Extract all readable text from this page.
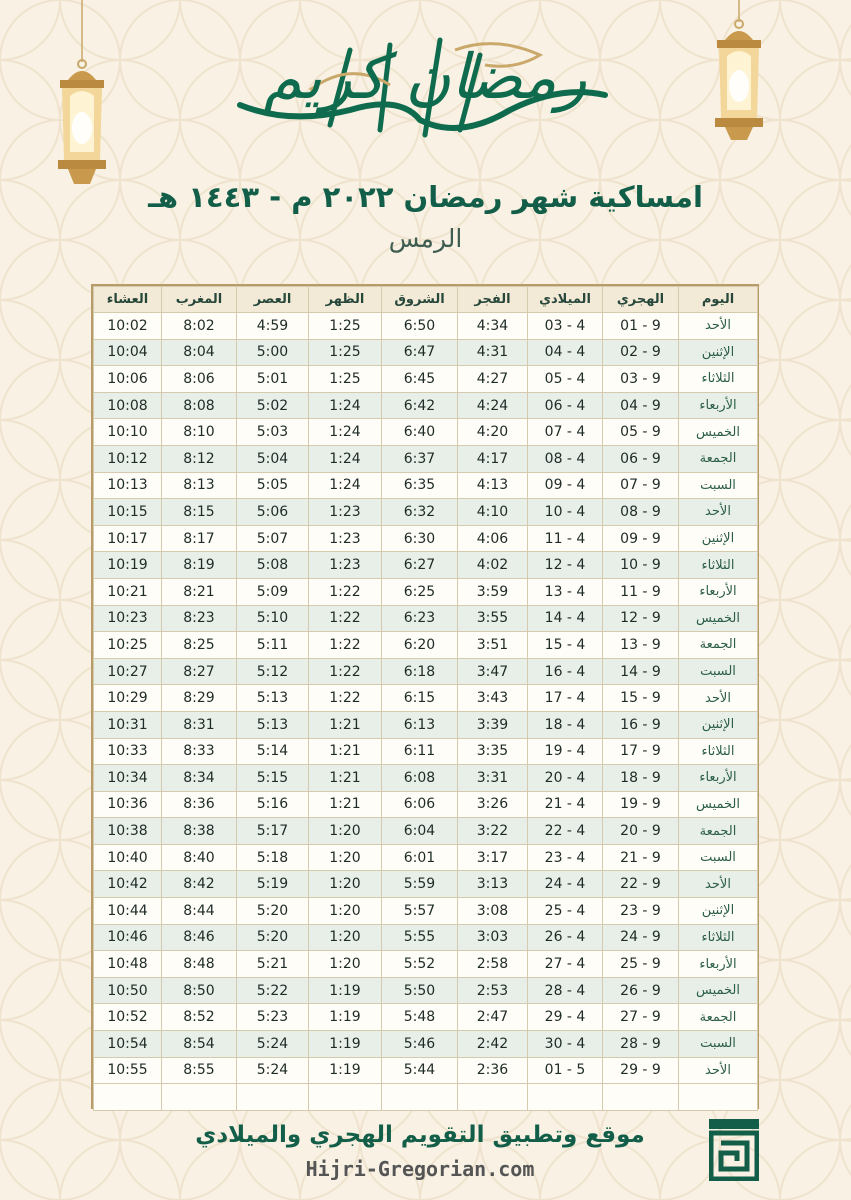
رمضان كريم
امساكية شهر رمضان ٢٠٢٢ م - ١٤٤٣ هـ
الرمس
اليوم	الهجري	الميلادي	الفجر	الشروق	الظهر	العصر	المغرب	العشاء
الأحد	01 - 9	03 - 4	4:34	6:50	1:25	4:59	8:02	10:02
الإثنين	02 - 9	04 - 4	4:31	6:47	1:25	5:00	8:04	10:04
الثلاثاء	03 - 9	05 - 4	4:27	6:45	1:25	5:01	8:06	10:06
الأربعاء	04 - 9	06 - 4	4:24	6:42	1:24	5:02	8:08	10:08
الخميس	05 - 9	07 - 4	4:20	6:40	1:24	5:03	8:10	10:10
الجمعة	06 - 9	08 - 4	4:17	6:37	1:24	5:04	8:12	10:12
السبت	07 - 9	09 - 4	4:13	6:35	1:24	5:05	8:13	10:13
الأحد	08 - 9	10 - 4	4:10	6:32	1:23	5:06	8:15	10:15
الإثنين	09 - 9	11 - 4	4:06	6:30	1:23	5:07	8:17	10:17
الثلاثاء	10 - 9	12 - 4	4:02	6:27	1:23	5:08	8:19	10:19
الأربعاء	11 - 9	13 - 4	3:59	6:25	1:22	5:09	8:21	10:21
الخميس	12 - 9	14 - 4	3:55	6:23	1:22	5:10	8:23	10:23
الجمعة	13 - 9	15 - 4	3:51	6:20	1:22	5:11	8:25	10:25
السبت	14 - 9	16 - 4	3:47	6:18	1:22	5:12	8:27	10:27
الأحد	15 - 9	17 - 4	3:43	6:15	1:22	5:13	8:29	10:29
الإثنين	16 - 9	18 - 4	3:39	6:13	1:21	5:13	8:31	10:31
الثلاثاء	17 - 9	19 - 4	3:35	6:11	1:21	5:14	8:33	10:33
الأربعاء	18 - 9	20 - 4	3:31	6:08	1:21	5:15	8:34	10:34
الخميس	19 - 9	21 - 4	3:26	6:06	1:21	5:16	8:36	10:36
الجمعة	20 - 9	22 - 4	3:22	6:04	1:20	5:17	8:38	10:38
السبت	21 - 9	23 - 4	3:17	6:01	1:20	5:18	8:40	10:40
الأحد	22 - 9	24 - 4	3:13	5:59	1:20	5:19	8:42	10:42
الإثنين	23 - 9	25 - 4	3:08	5:57	1:20	5:20	8:44	10:44
الثلاثاء	24 - 9	26 - 4	3:03	5:55	1:20	5:20	8:46	10:46
الأربعاء	25 - 9	27 - 4	2:58	5:52	1:20	5:21	8:48	10:48
الخميس	26 - 9	28 - 4	2:53	5:50	1:19	5:22	8:50	10:50
الجمعة	27 - 9	29 - 4	2:47	5:48	1:19	5:23	8:52	10:52
السبت	28 - 9	30 - 4	2:42	5:46	1:19	5:24	8:54	10:54
الأحد	29 - 9	01 - 5	2:36	5:44	1:19	5:24	8:55	10:55

موقع وتطبيق التقويم الهجري والميلادي
Hijri-Gregorian.com
